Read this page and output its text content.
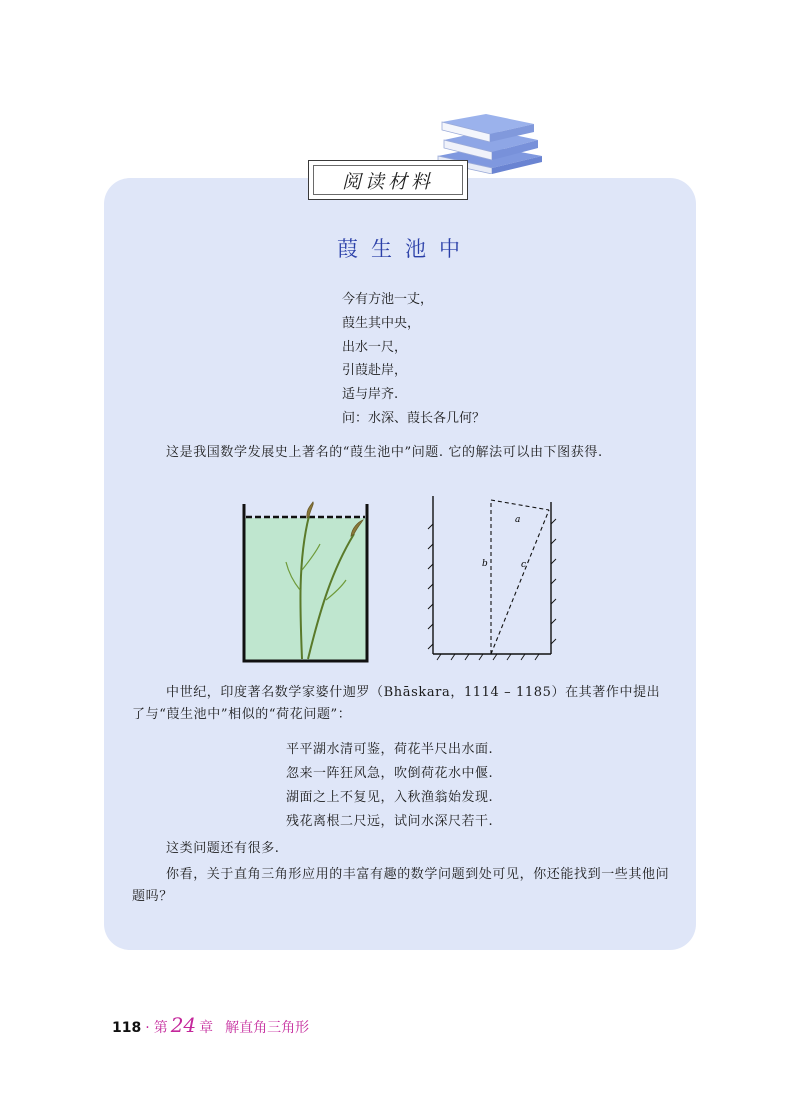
阅读材料
葭生池中
今有方池一丈，
葭生其中央，
出水一尺，
引葭赴岸，
适与岸齐.
问：水深、葭长各几何？
这是我国数学发展史上著名的“葭生池中”问题. 它的解法可以由下图获得.
a
b	c
中世纪，印度著名数学家婆什迦罗（Bhāskara，1114 – 1185）在其著作中提出了与“葭生池中”相似的“荷花问题”：
平平湖水清可鉴，荷花半尺出水面.
忽来一阵狂风急，吹倒荷花水中偃.
湖面之上不复见，入秋渔翁始发现.
残花离根二尺远，试问水深尺若干.
这类问题还有很多.
你看，关于直角三角形应用的丰富有趣的数学问题到处可见，你还能找到一些其他问题吗？
118 · 第 24 章 解直角三角形
